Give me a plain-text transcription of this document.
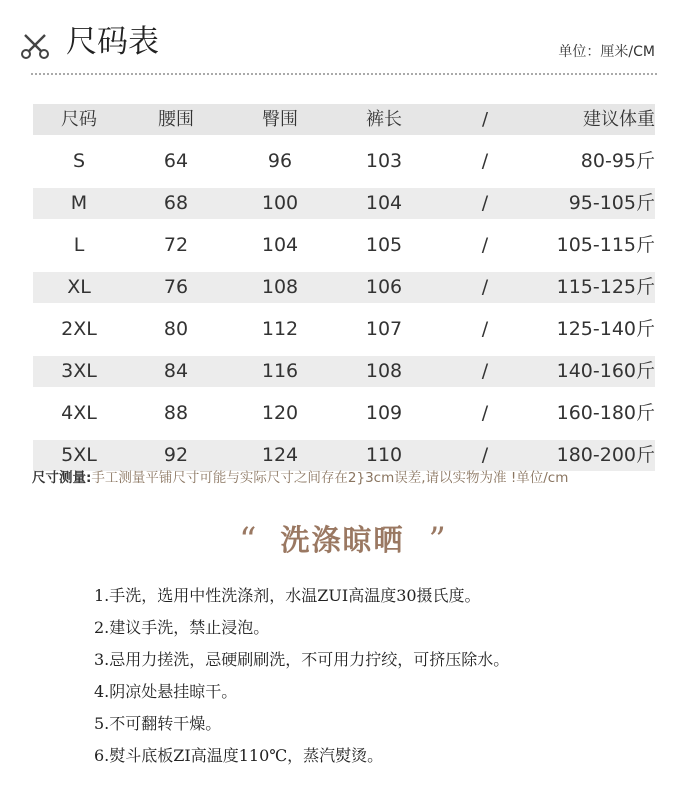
尺码表	单位：厘米/CM
尺码	腰围	臀围	裤长	/	建议体重
S	64	96	103	/	80-95斤
M	68	100	104	/	95-105斤
L	72	104	105	/	105-115斤
XL	76	108	106	/	115-125斤
2XL	80	112	107	/	125-140斤
3XL	84	116	108	/	140-160斤
4XL	88	120	109	/	160-180斤
5XL	92	124	110	/	180-200斤
尺寸测量:手工测量平铺尺寸可能与实际尺寸之间存在2}3cm误差,请以实物为准 !单位/cm
“ 洗涤晾晒 ”
1.手洗，选用中性洗涤剂，水温ZUI高温度30摄氏度。
2.建议手洗，禁止浸泡。
3.忌用力搓洗，忌硬刷刷洗，不可用力拧绞，可挤压除水。
4.阴凉处悬挂晾干。
5.不可翻转干燥。
6.熨斗底板ZI高温度110℃，蒸汽熨烫。
